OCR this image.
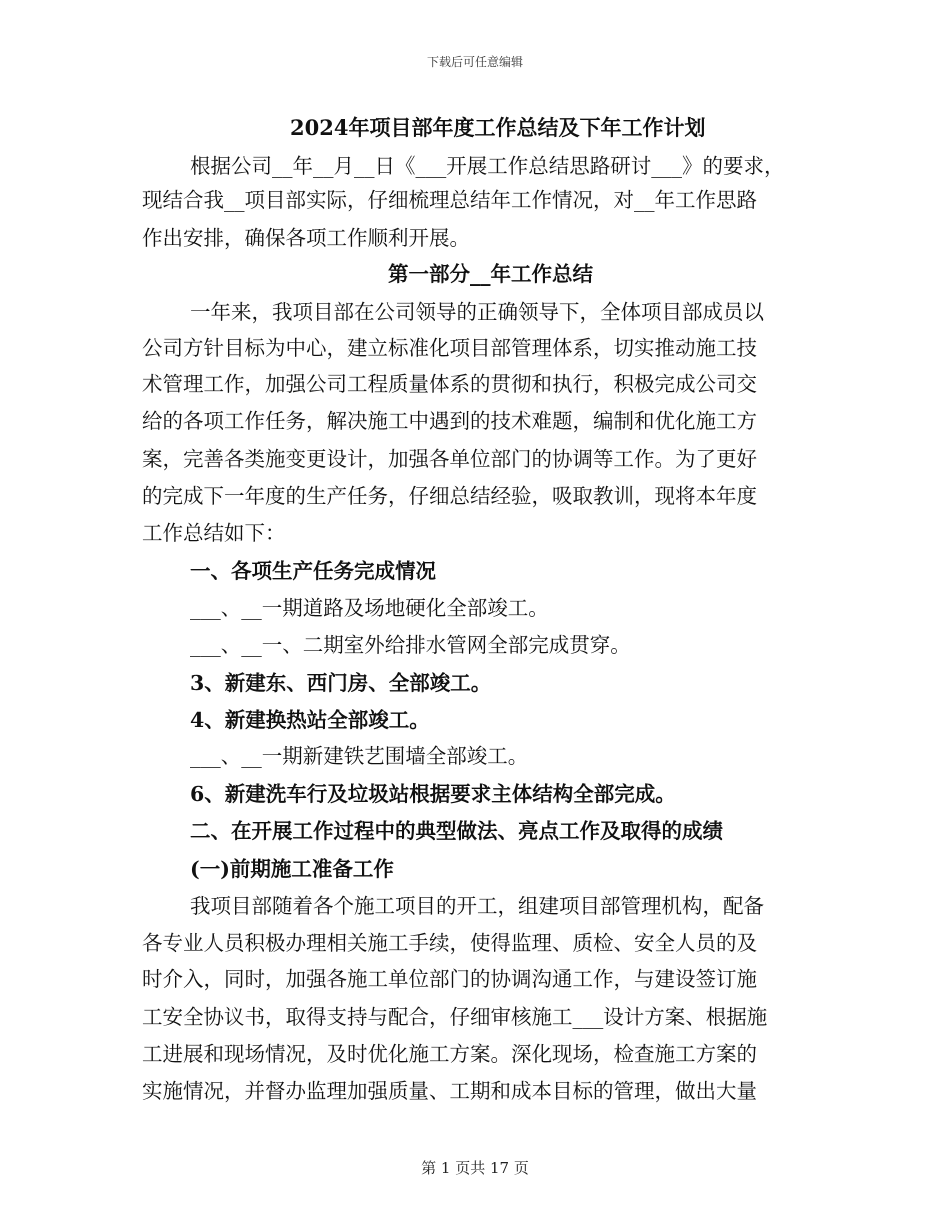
下载后可任意编辑
2024年项目部年度工作总结及下年工作计划
根据公司__年__月__日《___开展工作总结思路研讨___》的要求，
现结合我__项目部实际，仔细梳理总结年工作情况，对__年工作思路
作出安排，确保各项工作顺利开展。
第一部分__年工作总结
一年来，我项目部在公司领导的正确领导下，全体项目部成员以
公司方针目标为中心，建立标准化项目部管理体系，切实推动施工技
术管理工作，加强公司工程质量体系的贯彻和执行，积极完成公司交
给的各项工作任务，解决施工中遇到的技术难题，编制和优化施工方
案，完善各类施变更设计，加强各单位部门的协调等工作。为了更好
的完成下一年度的生产任务，仔细总结经验，吸取教训，现将本年度
工作总结如下：
一、各项生产任务完成情况
___、__一期道路及场地硬化全部竣工。
___、__一、二期室外给排水管网全部完成贯穿。
3、新建东、西门房、全部竣工。
4、新建换热站全部竣工。
___、__一期新建铁艺围墙全部竣工。
6、新建洗车行及垃圾站根据要求主体结构全部完成。
二、在开展工作过程中的典型做法、亮点工作及取得的成绩
(一)前期施工准备工作
我项目部随着各个施工项目的开工，组建项目部管理机构，配备
各专业人员积极办理相关施工手续，使得监理、质检、安全人员的及
时介入，同时，加强各施工单位部门的协调沟通工作，与建设签订施
工安全协议书，取得支持与配合，仔细审核施工___设计方案、根据施
工进展和现场情况，及时优化施工方案。深化现场，检查施工方案的
实施情况，并督办监理加强质量、工期和成本目标的管理，做出大量
第 1 页共 17 页
